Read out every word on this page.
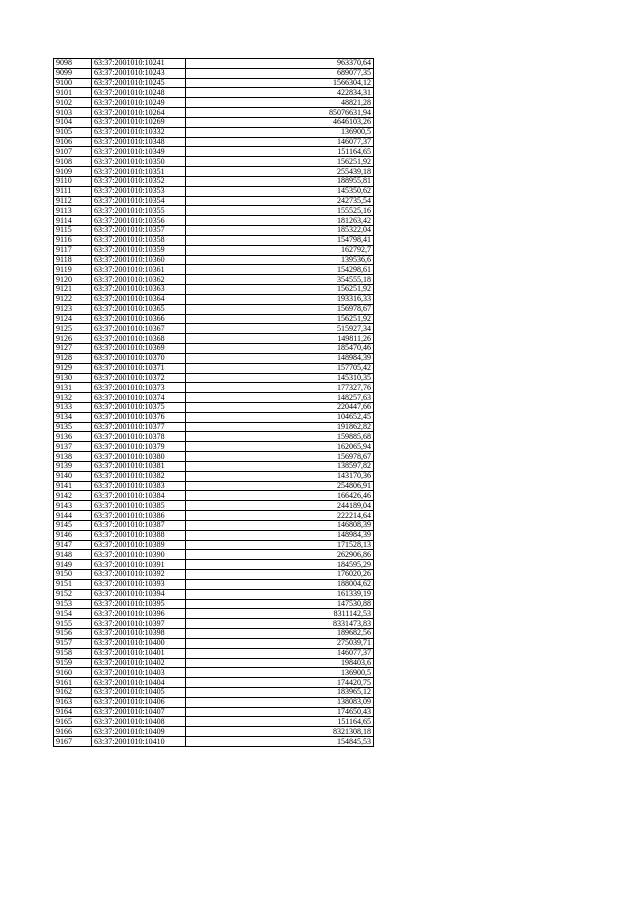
9098	63:37:2001010:10241	963370,64
9099	63:37:2001010:10243	689077,35
9100	63:37:2001010:10245	1566304,12
9101	63:37:2001010:10248	422834,31
9102	63:37:2001010:10249	48821,28
9103	63:37:2001010:10264	85076631,94
9104	63:37:2001010:10269	4646103,26
9105	63:37:2001010:10332	136900,5
9106	63:37:2001010:10348	146077,37
9107	63:37:2001010:10349	151164,65
9108	63:37:2001010:10350	156251,92
9109	63:37:2001010:10351	255439,18
9110	63:37:2001010:10352	188955,81
9111	63:37:2001010:10353	145350,62
9112	63:37:2001010:10354	242735,54
9113	63:37:2001010:10355	155525,16
9114	63:37:2001010:10356	181263,42
9115	63:37:2001010:10357	185322,04
9116	63:37:2001010:10358	154798,41
9117	63:37:2001010:10359	162792,7
9118	63:37:2001010:10360	139536,6
9119	63:37:2001010:10361	154298,61
9120	63:37:2001010:10362	354555,18
9121	63:37:2001010:10363	156251,92
9122	63:37:2001010:10364	193316,33
9123	63:37:2001010:10365	156978,67
9124	63:37:2001010:10366	156251,92
9125	63:37:2001010:10367	515927,34
9126	63:37:2001010:10368	149811,26
9127	63:37:2001010:10369	185470,46
9128	63:37:2001010:10370	148984,39
9129	63:37:2001010:10371	157705,42
9130	63:37:2001010:10372	145310,35
9131	63:37:2001010:10373	177327,76
9132	63:37:2001010:10374	148257,63
9133	63:37:2001010:10375	220447,66
9134	63:37:2001010:10376	104652,45
9135	63:37:2001010:10377	191862,82
9136	63:37:2001010:10378	159885,68
9137	63:37:2001010:10379	162065,94
9138	63:37:2001010:10380	156978,67
9139	63:37:2001010:10381	138597,82
9140	63:37:2001010:10382	143170,36
9141	63:37:2001010:10383	254806,91
9142	63:37:2001010:10384	166426,46
9143	63:37:2001010:10385	244189,04
9144	63:37:2001010:10386	222214,64
9145	63:37:2001010:10387	146808,39
9146	63:37:2001010:10388	148984,39
9147	63:37:2001010:10389	171528,13
9148	63:37:2001010:10390	262906,86
9149	63:37:2001010:10391	184595,29
9150	63:37:2001010:10392	176020,26
9151	63:37:2001010:10393	188004,62
9152	63:37:2001010:10394	161339,19
9153	63:37:2001010:10395	147530,88
9154	63:37:2001010:10396	8311142,53
9155	63:37:2001010:10397	8331473,83
9156	63:37:2001010:10398	189682,56
9157	63:37:2001010:10400	275039,71
9158	63:37:2001010:10401	146077,37
9159	63:37:2001010:10402	198403,6
9160	63:37:2001010:10403	136900,5
9161	63:37:2001010:10404	174420,75
9162	63:37:2001010:10405	183965,12
9163	63:37:2001010:10406	138083,09
9164	63:37:2001010:10407	174650,43
9165	63:37:2001010:10408	151164,65
9166	63:37:2001010:10409	8321308,18
9167	63:37:2001010:10410	154845,53
